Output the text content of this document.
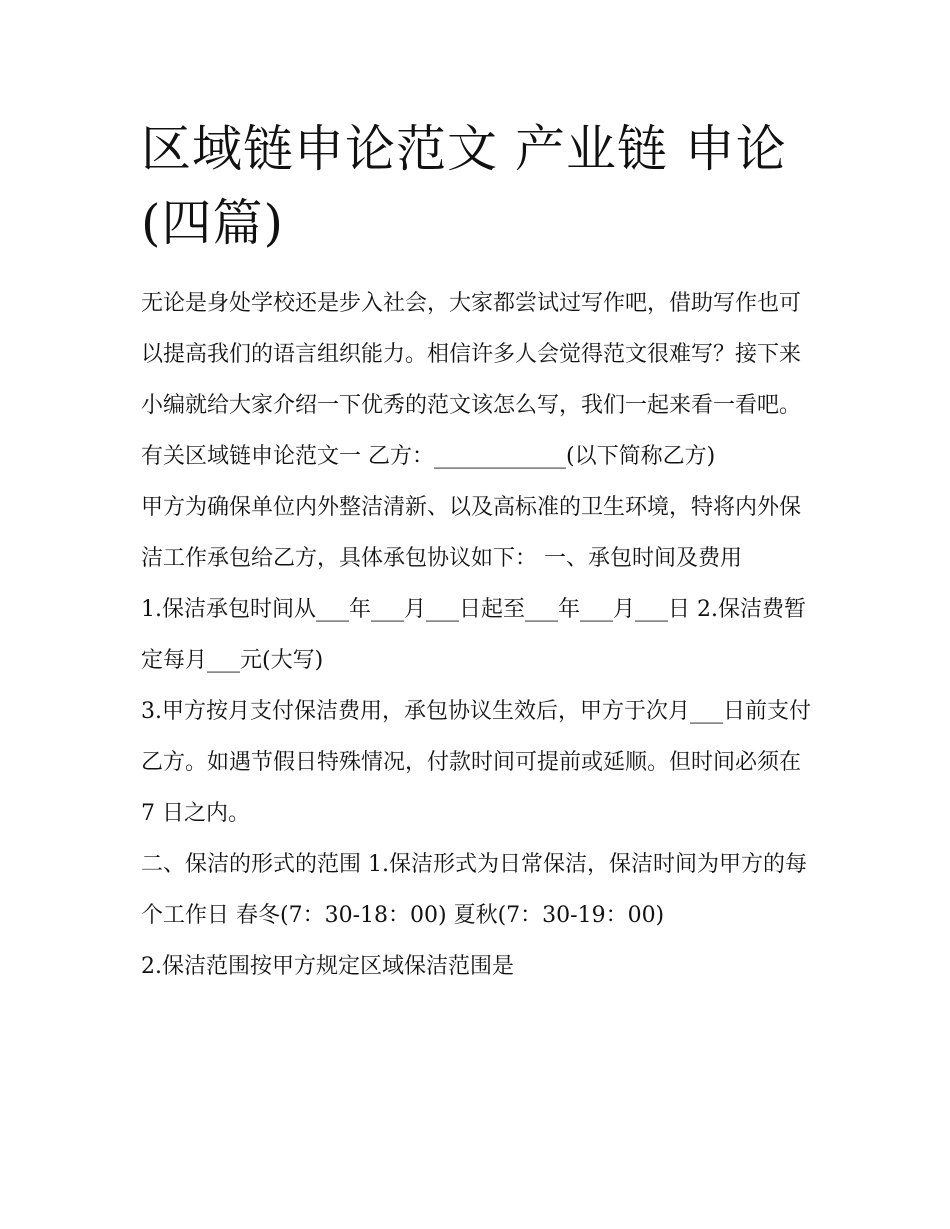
区域链申论范文 产业链 申论(四篇)

无论是身处学校还是步入社会，大家都尝试过写作吧，借助写作也可以提高我们的语言组织能力。相信许多人会觉得范文很难写？接下来小编就给大家介绍一下优秀的范文该怎么写，我们一起来看一看吧。

有关区域链申论范文一 乙方：____________(以下简称乙方)

甲方为确保单位内外整洁清新、以及高标准的卫生环境，特将内外保洁工作承包给乙方，具体承包协议如下： 一、承包时间及费用

1.保洁承包时间从___年___月___日起至___年___月___日 2.保洁费暂定每月___元(大写)

3.甲方按月支付保洁费用，承包协议生效后，甲方于次月___日前支付乙方。如遇节假日特殊情况，付款时间可提前或延顺。但时间必须在 7 日之内。

二、保洁的形式的范围 1.保洁形式为日常保洁，保洁时间为甲方的每个工作日 春冬(7：30-18：00) 夏秋(7：30-19：00)

2.保洁范围按甲方规定区域保洁范围是
